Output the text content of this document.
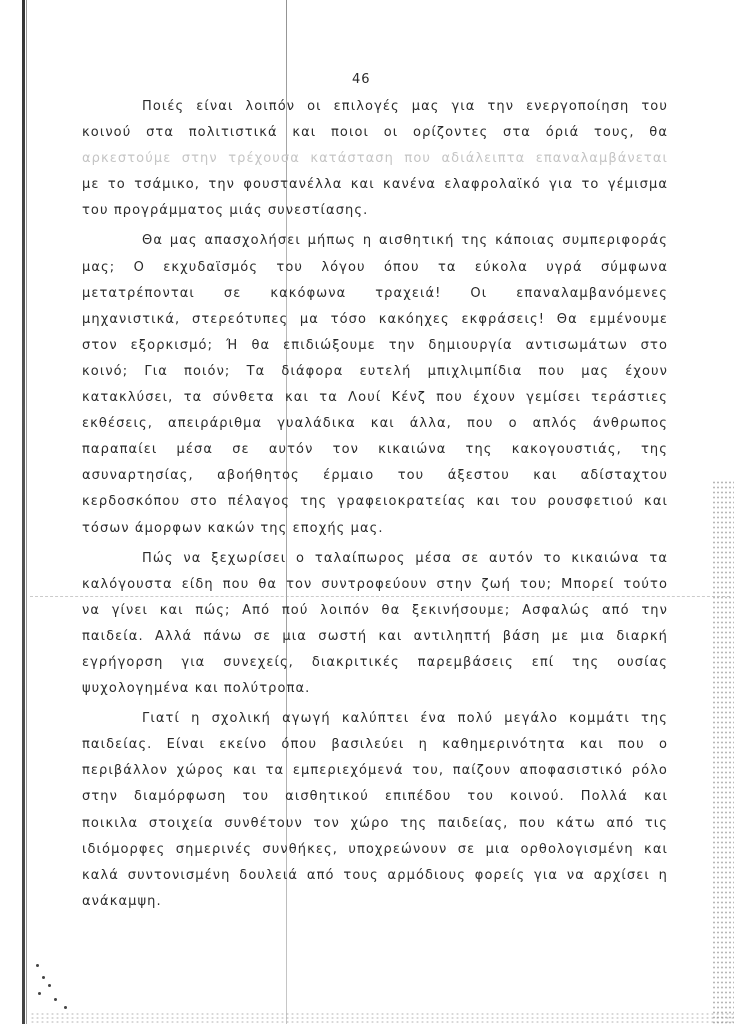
46
Ποιές είναι λοιπόν οι επιλογές μας για την ενεργοποίηση του
κοινού στα πολιτιστικά και ποιοι οι ορίζοντες στα όριά τους, θα
αρκεστούμε στην τρέχουσα κατάσταση που αδιάλειπτα επαναλαμβάνεται
με το τσάμικο, την φουστανέλλα και κανένα ελαφρολαϊκό για το γέμισμα
του προγράμματος μιάς συνεστίασης.
Θα μας απασχολήσει μήπως η αισθητική της κάποιας συμπεριφοράς
μας; Ο εκχυδαϊσμός του λόγου όπου τα εύκολα υγρά σύμφωνα
μετατρέπονται σε κακόφωνα τραχειά! Οι επαναλαμβανόμενες
μηχανιστικά, στερεότυπες μα τόσο κακόηχες εκφράσεις! Θα εμμένουμε
στον εξορκισμό; Ή θα επιδιώξουμε την δημιουργία αντισωμάτων στο
κοινό; Για ποιόν; Τα διάφορα ευτελή μπιχλιμπίδια που μας έχουν
κατακλύσει, τα σύνθετα και τα Λουί Κένζ που έχουν γεμίσει τεράστιες
εκθέσεις, απειράριθμα γυαλάδικα και άλλα, που ο απλός άνθρωπος
παραπαίει μέσα σε αυτόν τον κικαιώνα της κακογουστιάς, της
ασυναρτησίας, αβοήθητος έρμαιο του άξεστου και αδίσταχτου
κερδοσκόπου στο πέλαγος της γραφειοκρατείας και του ρουσφετιού και
τόσων άμορφων κακών της εποχής μας.
Πώς να ξεχωρίσει ο ταλαίπωρος μέσα σε αυτόν το κικαιώνα τα
καλόγουστα είδη που θα τον συντροφεύουν στην ζωή του; Μπορεί τούτο
να γίνει και πώς; Από πού λοιπόν θα ξεκινήσουμε; Ασφαλώς από την
παιδεία. Αλλά πάνω σε μια σωστή και αντιληπτή βάση με μια διαρκή
εγρήγορση για συνεχείς, διακριτικές παρεμβάσεις επί της ουσίας
ψυχολογημένα και πολύτροπα.
Γιατί η σχολική αγωγή καλύπτει ένα πολύ μεγάλο κομμάτι της
παιδείας. Είναι εκείνο όπου βασιλεύει η καθημερινότητα και που ο
περιβάλλον χώρος και τα εμπεριεχόμενά του, παίζουν αποφασιστικό ρόλο
στην διαμόρφωση του αισθητικού επιπέδου του κοινού. Πολλά και
ποικιλα στοιχεία συνθέτουν τον χώρο της παιδείας, που κάτω από τις
ιδιόμορφες σημερινές συνθήκες, υποχρεώνουν σε μια ορθολογισμένη και
καλά συντονισμένη δουλειά από τους αρμόδιους φορείς για να αρχίσει η
ανάκαμψη.
